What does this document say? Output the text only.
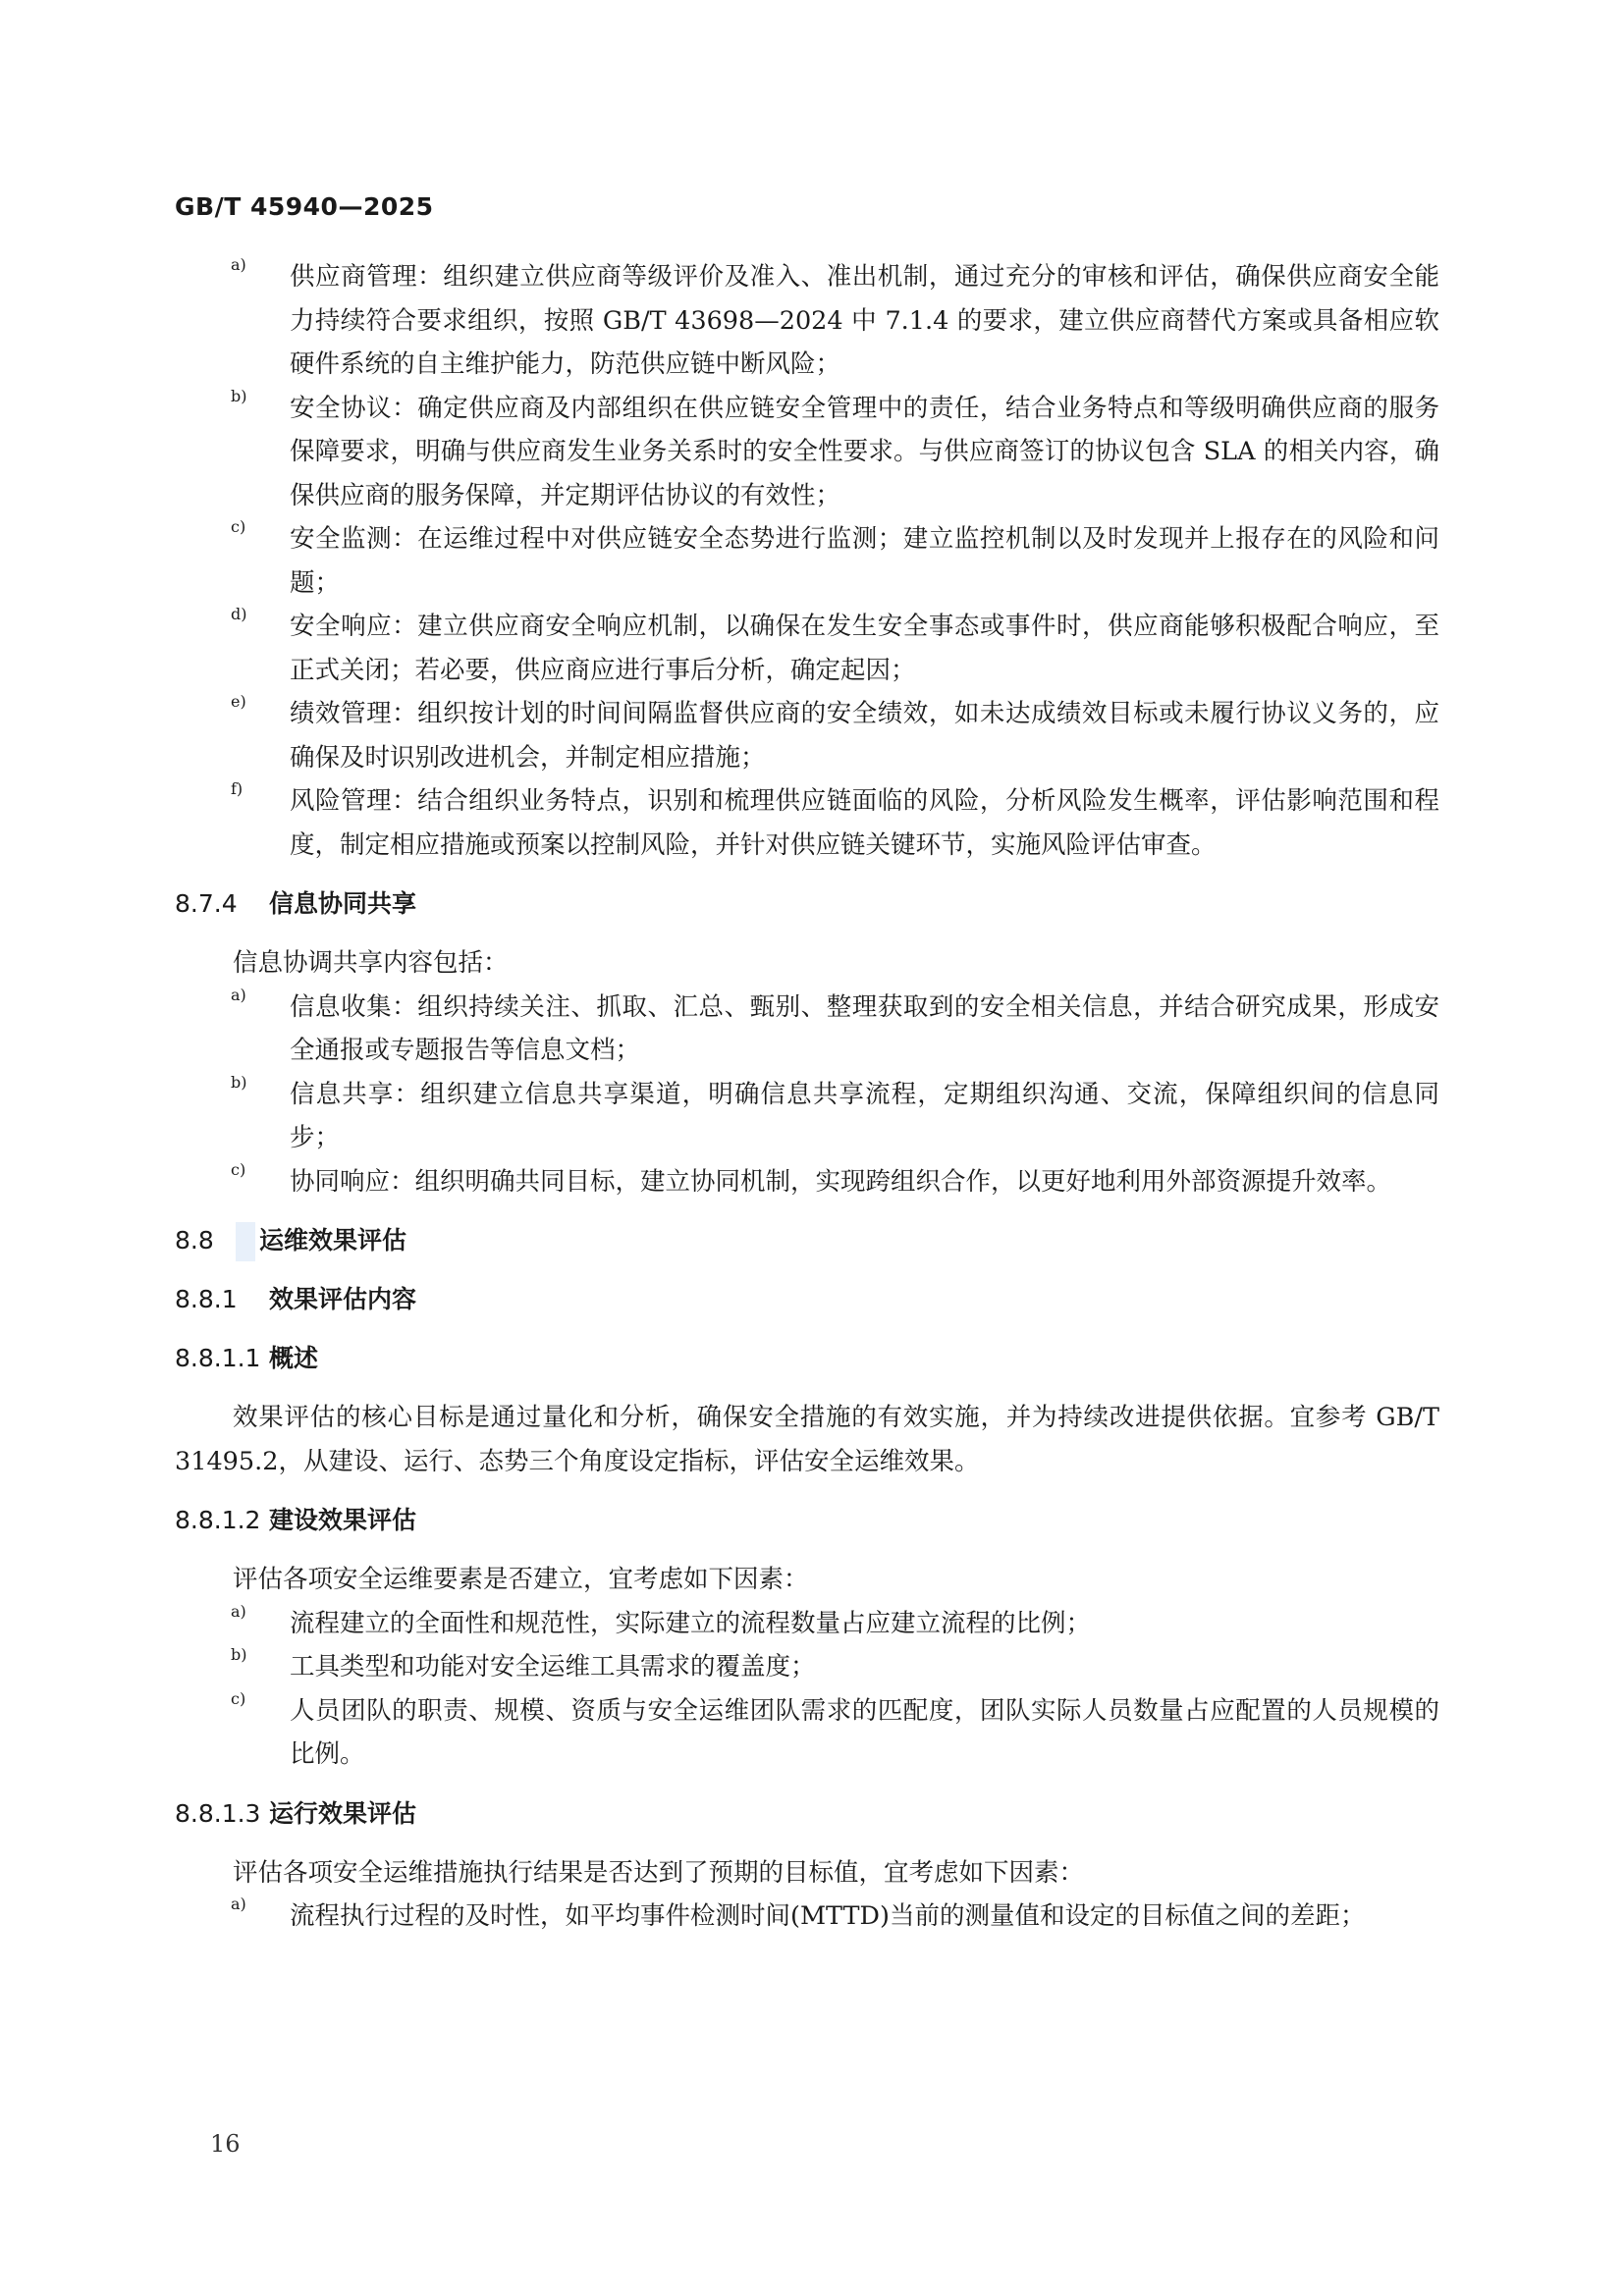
GB/T 45940—2025
a) 供应商管理：组织建立供应商等级评价及准入、准出机制，通过充分的审核和评估，确保供应商安全能力持续符合要求组织，按照 GB/T 43698—2024 中 7.1.4 的要求，建立供应商替代方案或具备相应软硬件系统的自主维护能力，防范供应链中断风险；
b) 安全协议：确定供应商及内部组织在供应链安全管理中的责任，结合业务特点和等级明确供应商的服务保障要求，明确与供应商发生业务关系时的安全性要求。与供应商签订的协议包含 SLA 的相关内容，确保供应商的服务保障，并定期评估协议的有效性；
c) 安全监测：在运维过程中对供应链安全态势进行监测；建立监控机制以及时发现并上报存在的风险和问题；
d) 安全响应：建立供应商安全响应机制，以确保在发生安全事态或事件时，供应商能够积极配合响应，至正式关闭；若必要，供应商应进行事后分析，确定起因；
e) 绩效管理：组织按计划的时间间隔监督供应商的安全绩效，如未达成绩效目标或未履行协议义务的，应确保及时识别改进机会，并制定相应措施；
f) 风险管理：结合组织业务特点，识别和梳理供应链面临的风险，分析风险发生概率，评估影响范围和程度，制定相应措施或预案以控制风险，并针对供应链关键环节，实施风险评估审查。
8.7.4 信息协同共享
信息协调共享内容包括：
a) 信息收集：组织持续关注、抓取、汇总、甄别、整理获取到的安全相关信息，并结合研究成果，形成安全通报或专题报告等信息文档；
b) 信息共享：组织建立信息共享渠道，明确信息共享流程，定期组织沟通、交流，保障组织间的信息同步；
c) 协同响应：组织明确共同目标，建立协同机制，实现跨组织合作，以更好地利用外部资源提升效率。
8.8 运维效果评估
8.8.1 效果评估内容
8.8.1.1 概述
效果评估的核心目标是通过量化和分析，确保安全措施的有效实施，并为持续改进提供依据。宜参考 GB/T 31495.2，从建设、运行、态势三个角度设定指标，评估安全运维效果。
8.8.1.2 建设效果评估
评估各项安全运维要素是否建立，宜考虑如下因素：
a) 流程建立的全面性和规范性，实际建立的流程数量占应建立流程的比例；
b) 工具类型和功能对安全运维工具需求的覆盖度；
c) 人员团队的职责、规模、资质与安全运维团队需求的匹配度，团队实际人员数量占应配置的人员规模的比例。
8.8.1.3 运行效果评估
评估各项安全运维措施执行结果是否达到了预期的目标值，宜考虑如下因素：
a) 流程执行过程的及时性，如平均事件检测时间(MTTD)当前的测量值和设定的目标值之间的差距；
16
